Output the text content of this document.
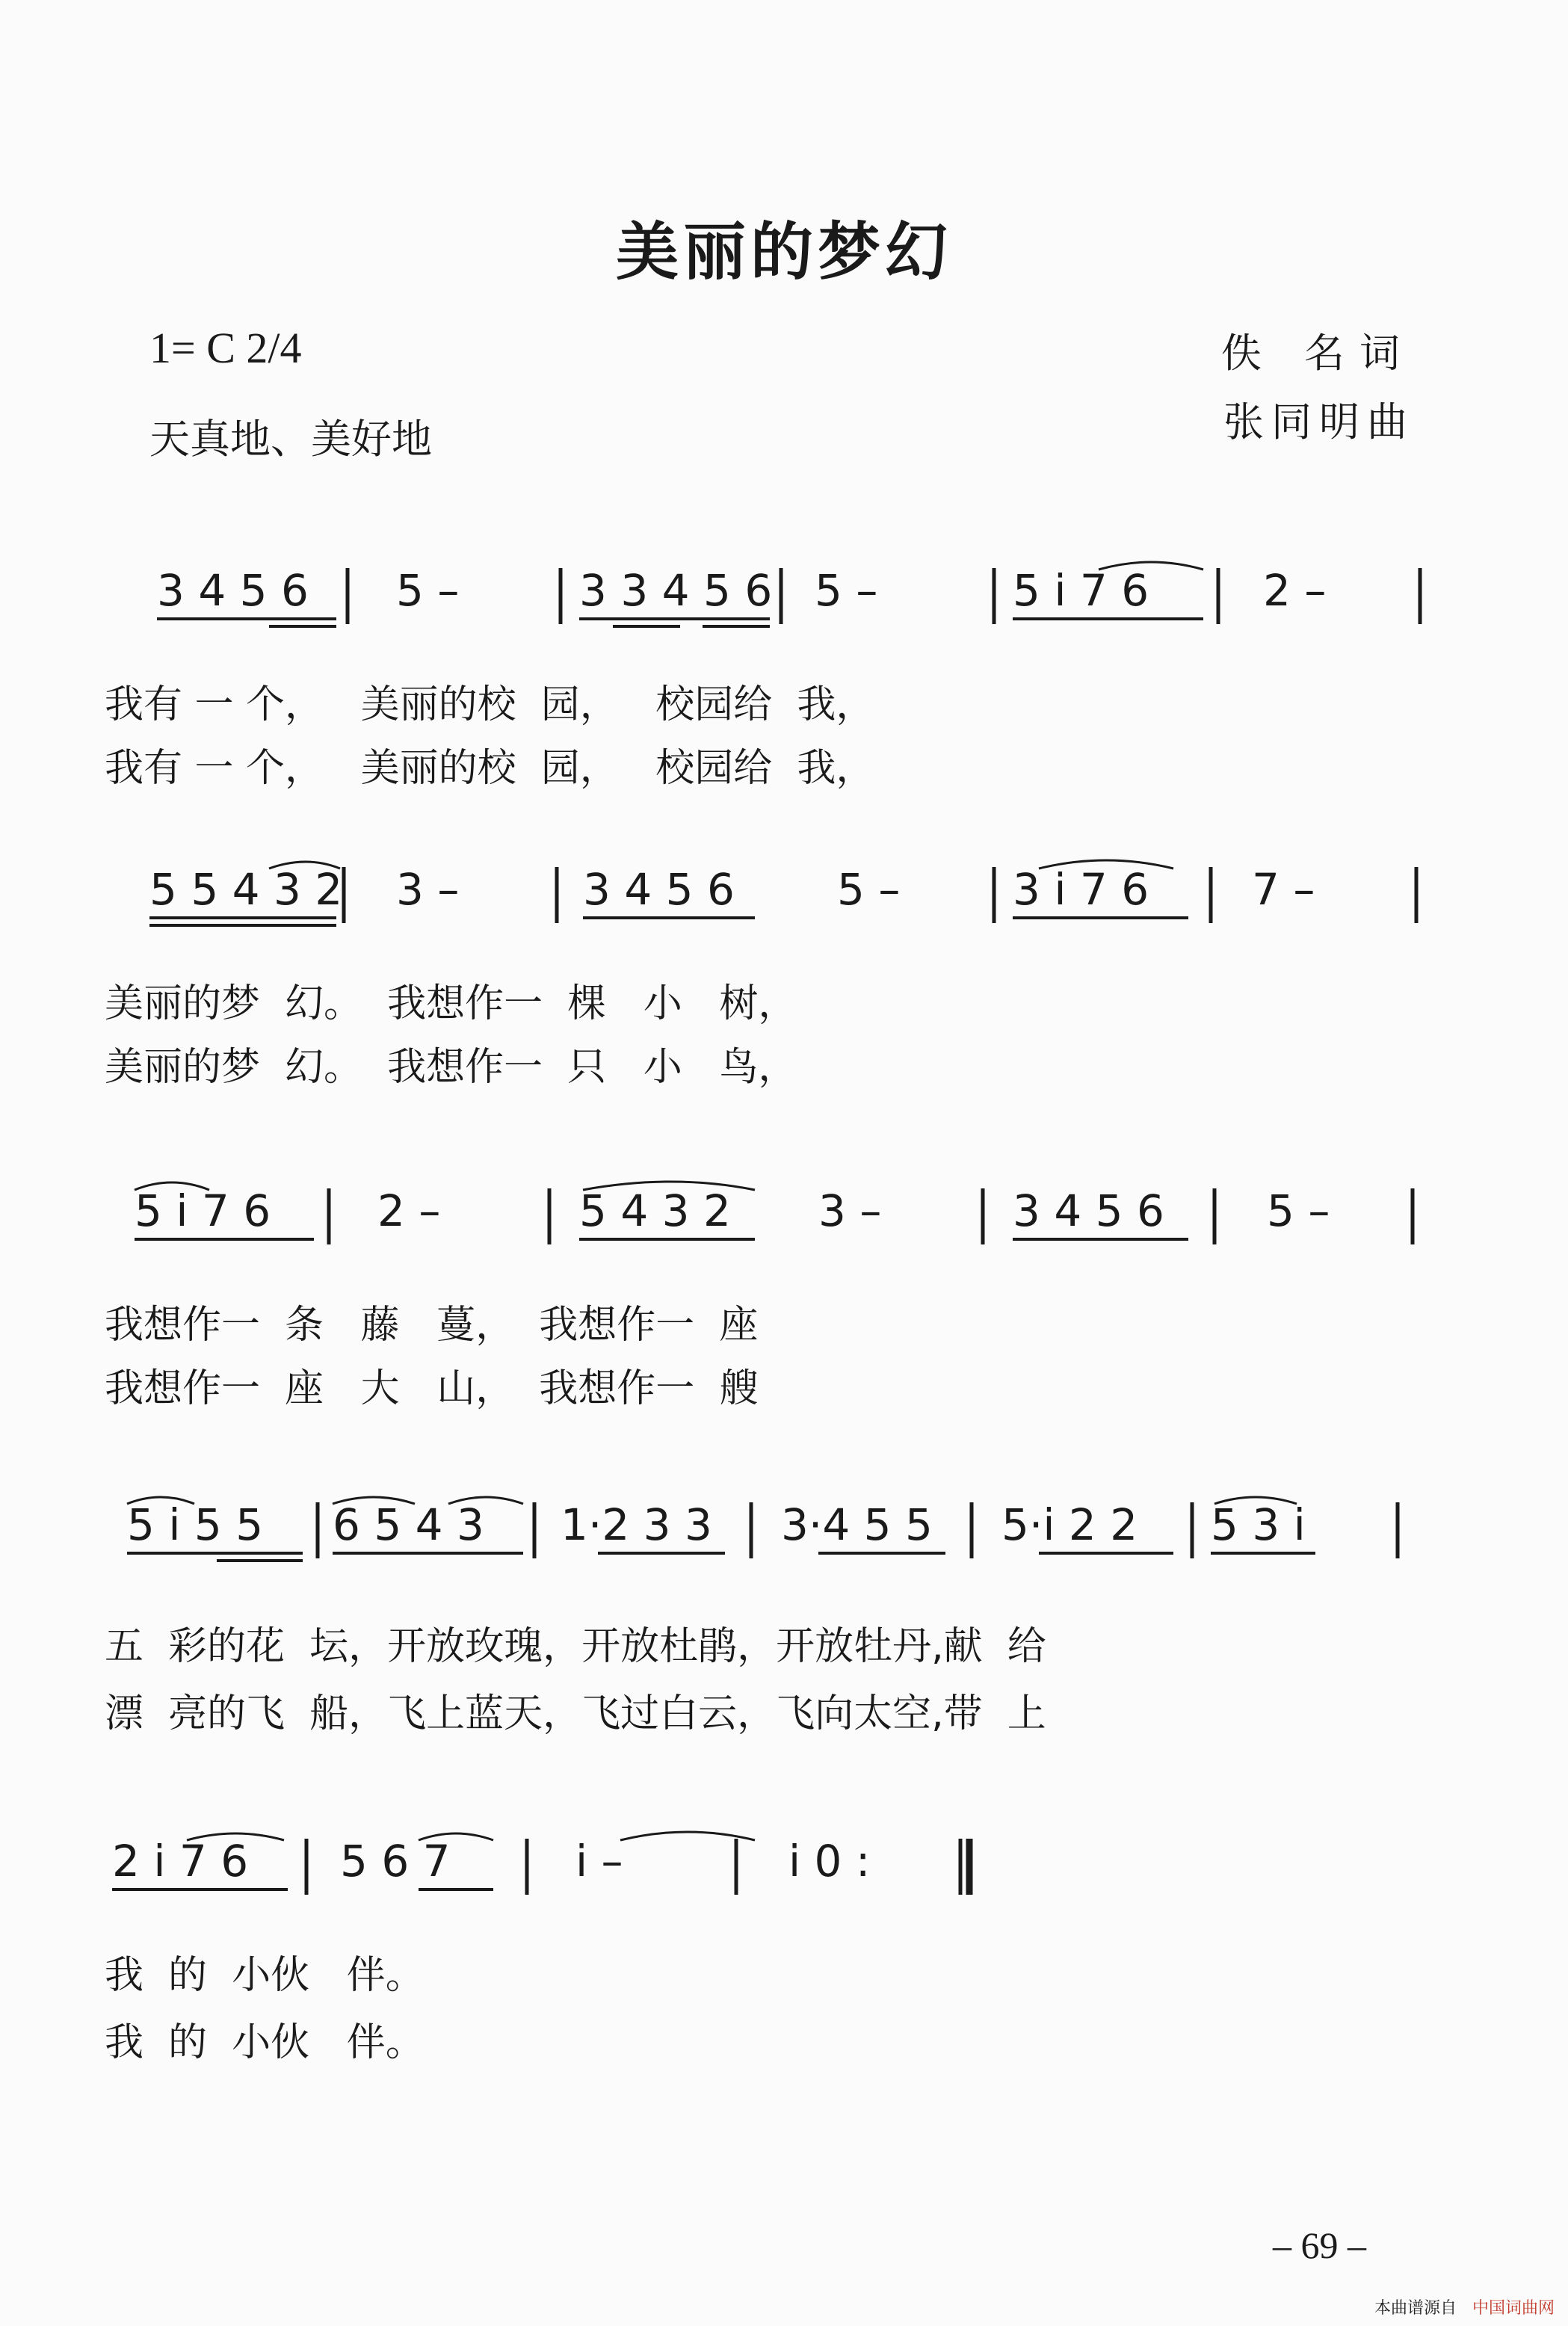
美丽的梦幻
1= C 2/4
天真地、美好地
佚 名词
张同明曲
3 4 5 6 5 –	3 3 4 5 6 5 –	5 i 7 6	2 –
我有 一 个，   美丽的校  园，   校园给  我，
我有 一 个，   美丽的校  园，   校园给  我，
5 5 4 3 2 3 –	3 4 5 6 5 –	3 i 7 6 7 –
美丽的梦  幻。  我想作一  棵   小   树，
美丽的梦  幻。  我想作一  只   小   鸟，
5 i 7 6 2 –	5 4 3 2 3 –	3 4 5 6 5 –
我想作一  条   藤   蔓，  我想作一  座
我想作一  座   大   山，  我想作一  艘
5 i 5 5 6 5 4 3 1·2 3 3 3·4 5 5 5·i 2 2 5 3 i
五  彩的花  坛，开放玫瑰，开放杜鹃，开放牡丹,献  给
漂  亮的飞  船，飞上蓝天，飞过白云，飞向太空,带  上
2 i 7 6 5 6 7	i –	i 0 :
我  的  小伙   伴。
我  的  小伙   伴。
– 69 –
本曲谱源自 中国词曲网
